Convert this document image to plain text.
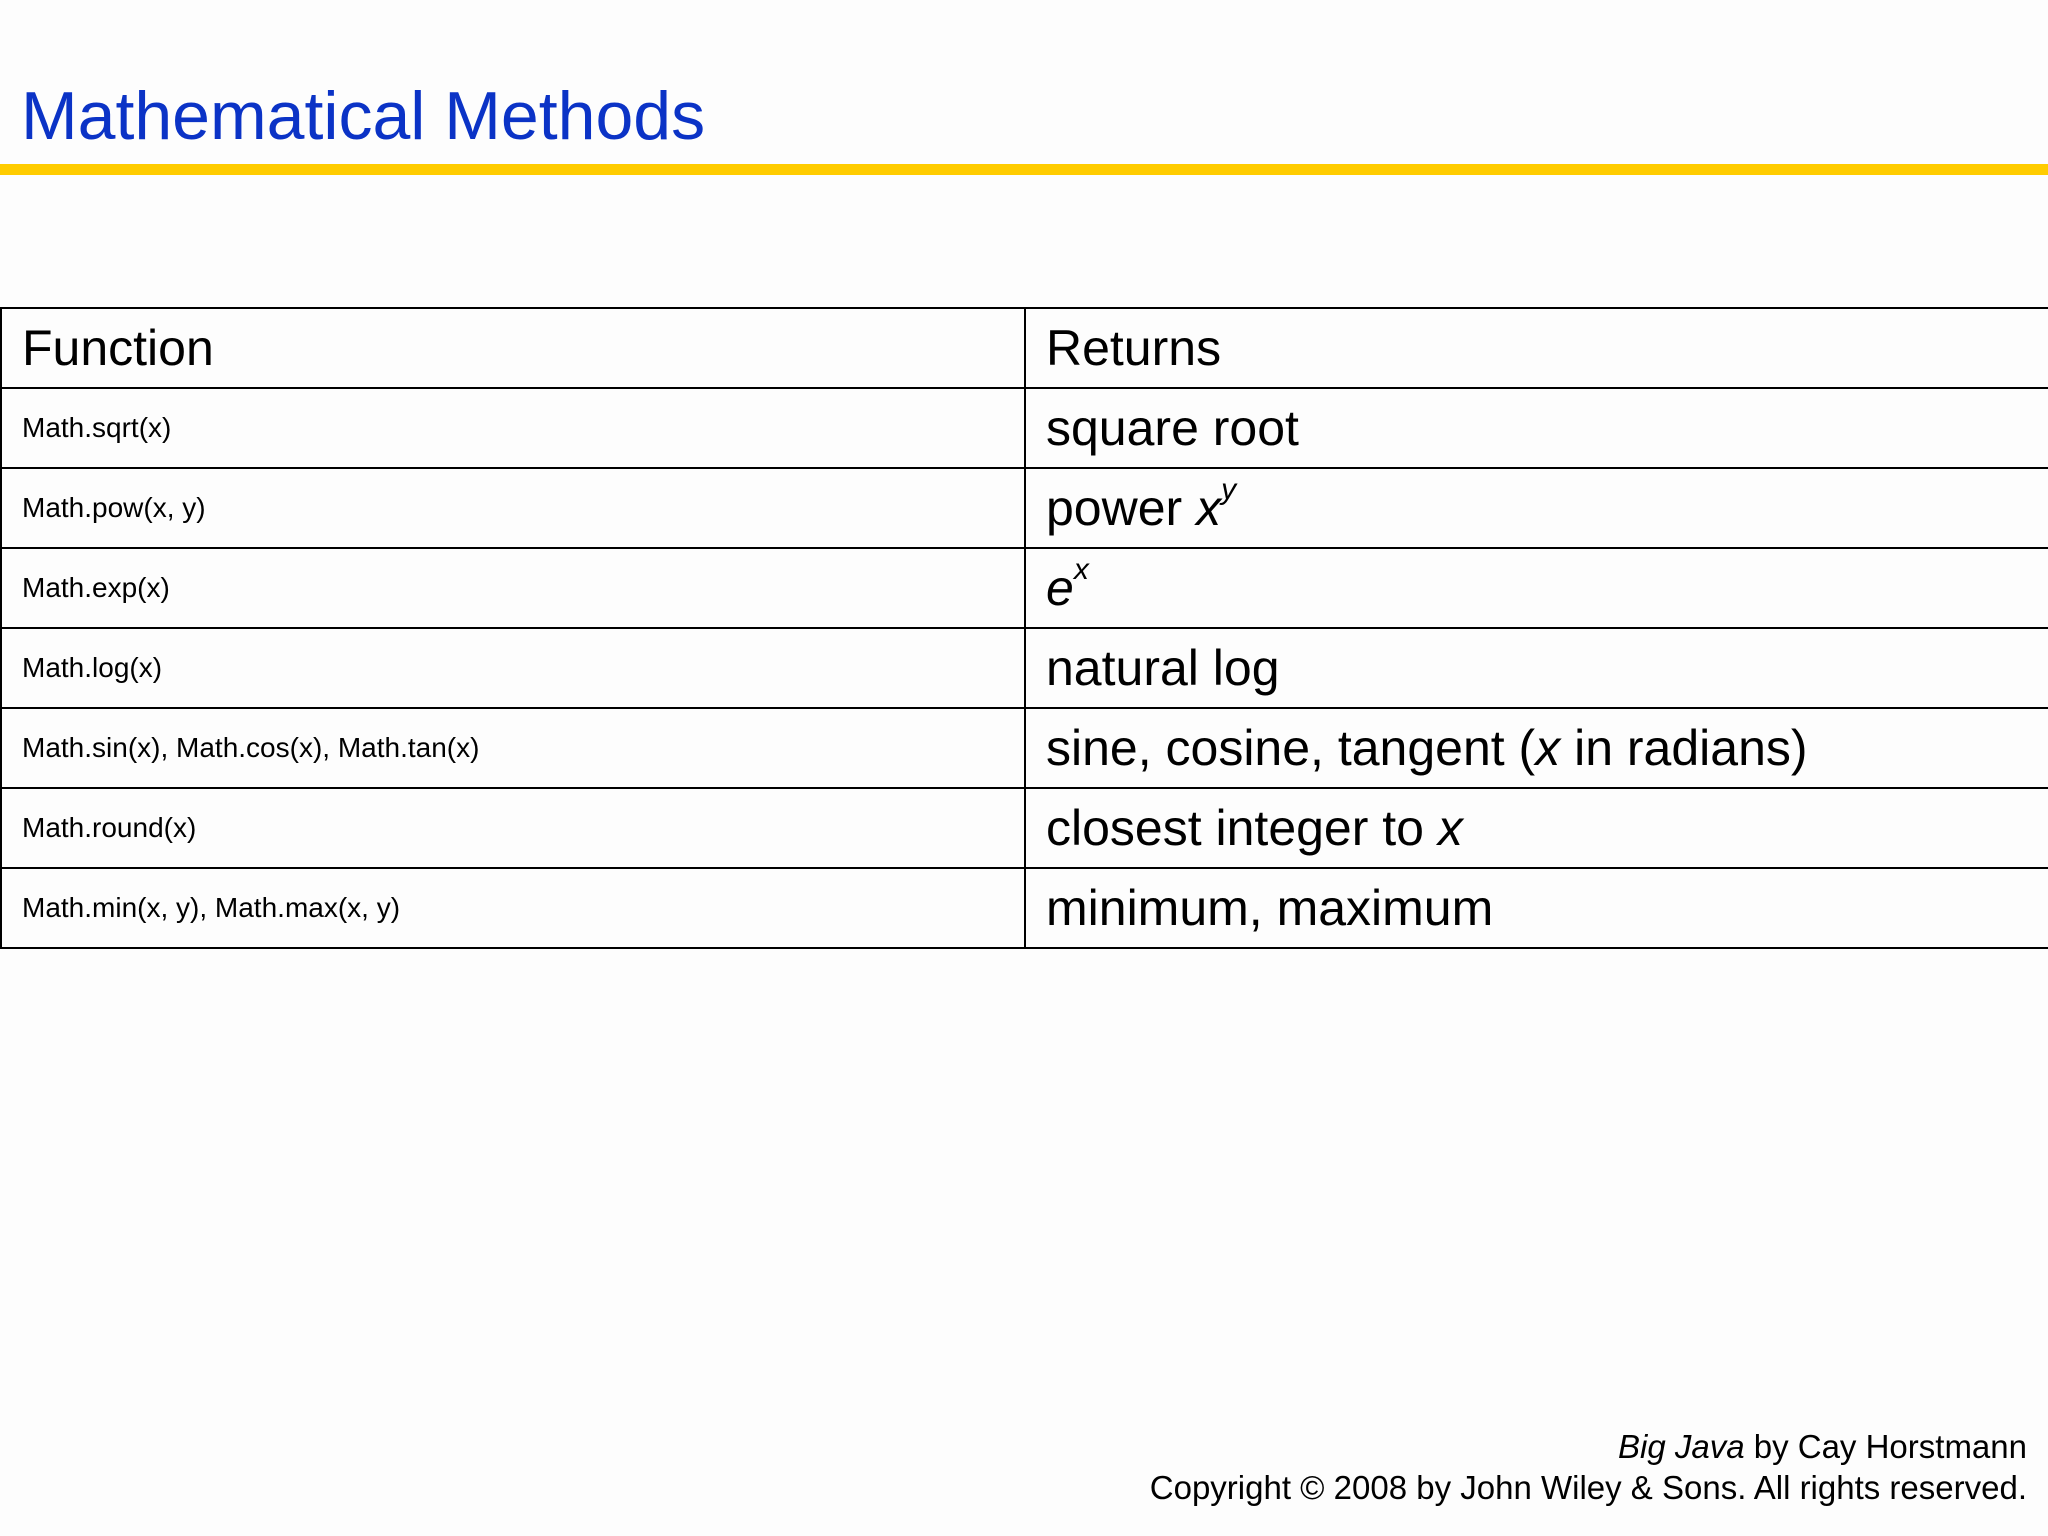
Mathematical Methods
Function	Returns
Math.sqrt(x)	square root
Math.pow(x, y)	power $x^y$
Math.exp(x)	$e^x$
Math.log(x)	natural log
Math.sin(x), Math.cos(x), Math.tan(x)	sine, cosine, tangent (x in radians)
Math.round(x)	closest integer to x
Math.min(x, y), Math.max(x, y)	minimum, maximum
Big Java by Cay Horstmann
Copyright © 2008 by John Wiley & Sons. All rights reserved.
